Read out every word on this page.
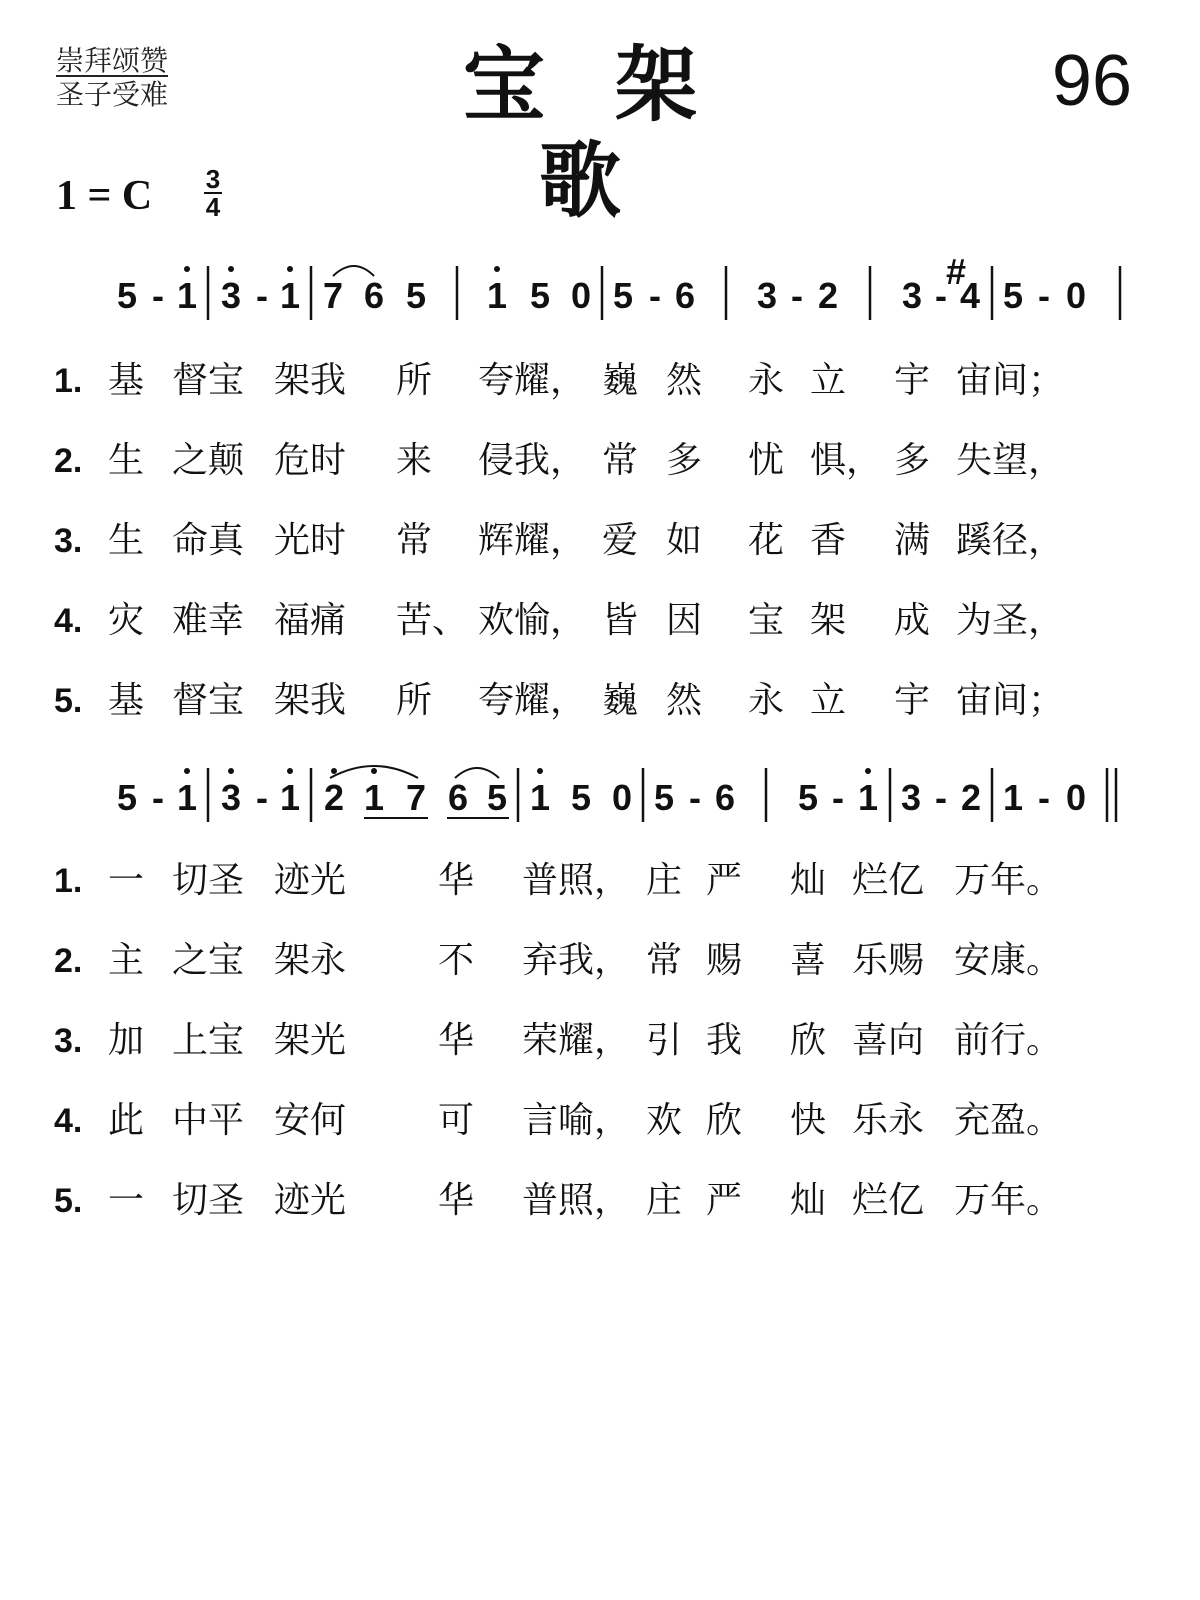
崇拜颂赞
圣子受难	宝架歌
96
1 = C 3
4
5 - 1 3 - 1 7 6 5 1 5 0 5 - 6 3 - 2 3 - 4 5 - 0
#
1. 基 督宝 架我 所 夸耀， 巍 然 永 立 宇 宙间；
2. 生 之颠 危时 来 侵我， 常 多 忧 惧， 多 失望，
3. 生 命真 光时 常 辉耀， 爱 如 花 香 满 蹊径，
4. 灾 难幸 福痛 苦、 欢愉， 皆 因 宝 架 成 为圣，
5. 基 督宝 架我 所 夸耀， 巍 然 永 立 宇 宙间；
5 - 1 3 - 1 2 1 7 6 5 1 5 0 5 - 6 5 - 1 3 - 2 1 - 0
1. 一 切圣 迹光	华 普照， 庄 严 灿 烂亿 万年。
2. 主 之宝 架永	不 弃我， 常 赐 喜 乐赐 安康。
3. 加 上宝 架光	华 荣耀， 引 我 欣 喜向 前行。
4. 此 中平 安何	可 言喻， 欢 欣 快 乐永 充盈。
5. 一 切圣 迹光	华 普照， 庄 严 灿 烂亿 万年。
